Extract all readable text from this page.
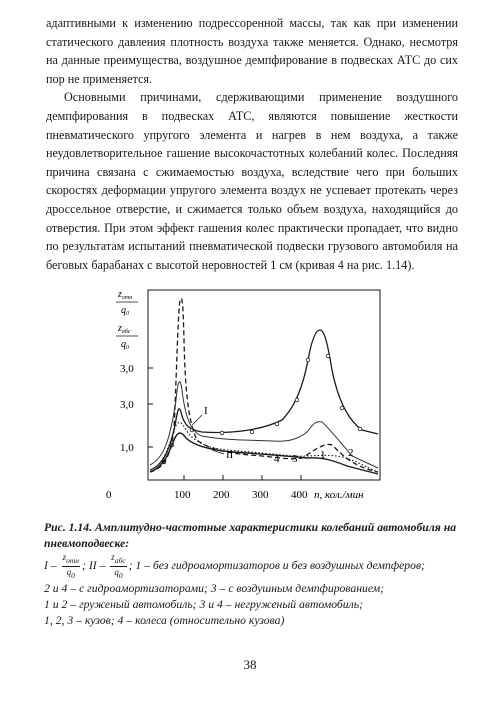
адаптивными к изменению подрессоренной массы, так как при изменении статического давления плотность воздуха также меняется. Однако, несмотря на данные преимущества, воздушное демпфирование в подвесках АТС до сих пор не применяется.

Основными причинами, сдерживающими применение воздушного демпфирования в подвесках АТС, являются повышение жесткости пневматического упругого элемента и нагрев в нем воздуха, а также неудовлетворительное гашение высокочастотных колебаний колес. Последняя причина связана с сжимаемостью воздуха, вследствие чего при больших скоростях деформации упругого элемента воздух не успевает протекать через дроссельное отверстие, и сжимается только объем воздуха, находящийся до отверстия. При этом эффект гашения колес практически пропадает, что видно по результатам испытаний пневматической подвески грузового автомобиля на беговых барабанах с высотой неровностей 1 см (кривая 4 на рис. 1.14).

$z_{отн}$
$q_0$
$z_{абс}$
$q_0$
3,0
3,0
1,0
I
II	4 3 1 2
0	100 200 300 400 n, кол./мин
Рис. 1.14. Амплитудно-частотные характеристики колебаний автомобиля на пневмоподвеске:
I – $\frac{z_{отн}}{q_0}$ ; II – $\frac{z_{абс}}{q_0}$ ; 1 – без гидроамортизаторов и без воздушных демпферов;
2 и 4 – с гидроамортизаторами; 3 – с воздушным демпфированием;
1 и 2 – груженый автомобиль; 3 и 4 – негруженый автомобиль;
1, 2, 3 – кузов; 4 – колеса (относительно кузова)
38
